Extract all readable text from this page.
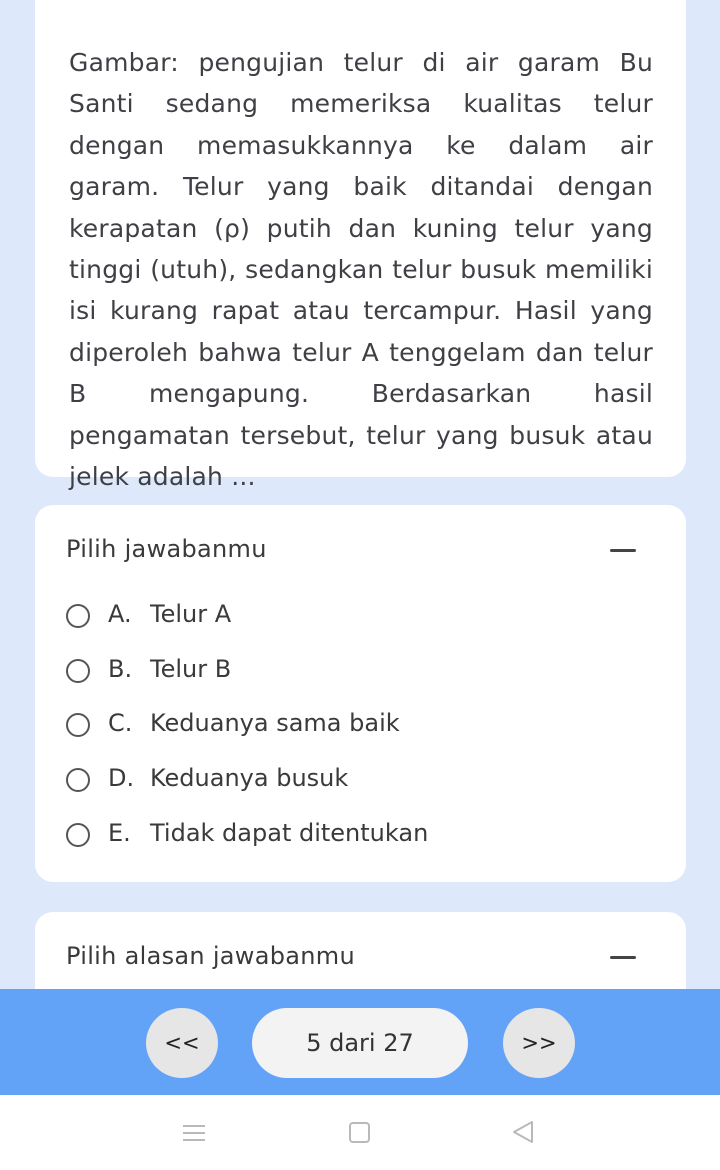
Gambar: pengujian telur di air garam Bu Santi sedang memeriksa kualitas telur dengan memasukkannya ke dalam air garam. Telur yang baik ditandai dengan kerapatan (ρ) putih dan kuning telur yang tinggi (utuh), sedangkan telur busuk memiliki isi kurang rapat atau tercampur. Hasil yang diperoleh bahwa telur A tenggelam dan telur B mengapung. Berdasarkan hasil pengamatan tersebut, telur yang busuk atau jelek adalah ...

Pilih jawabanmu
A. Telur A
B. Telur B
C. Keduanya sama baik
D. Keduanya busuk
E. Tidak dapat ditentukan
Pilih alasan jawabanmu
<<	5 dari 27	>>
